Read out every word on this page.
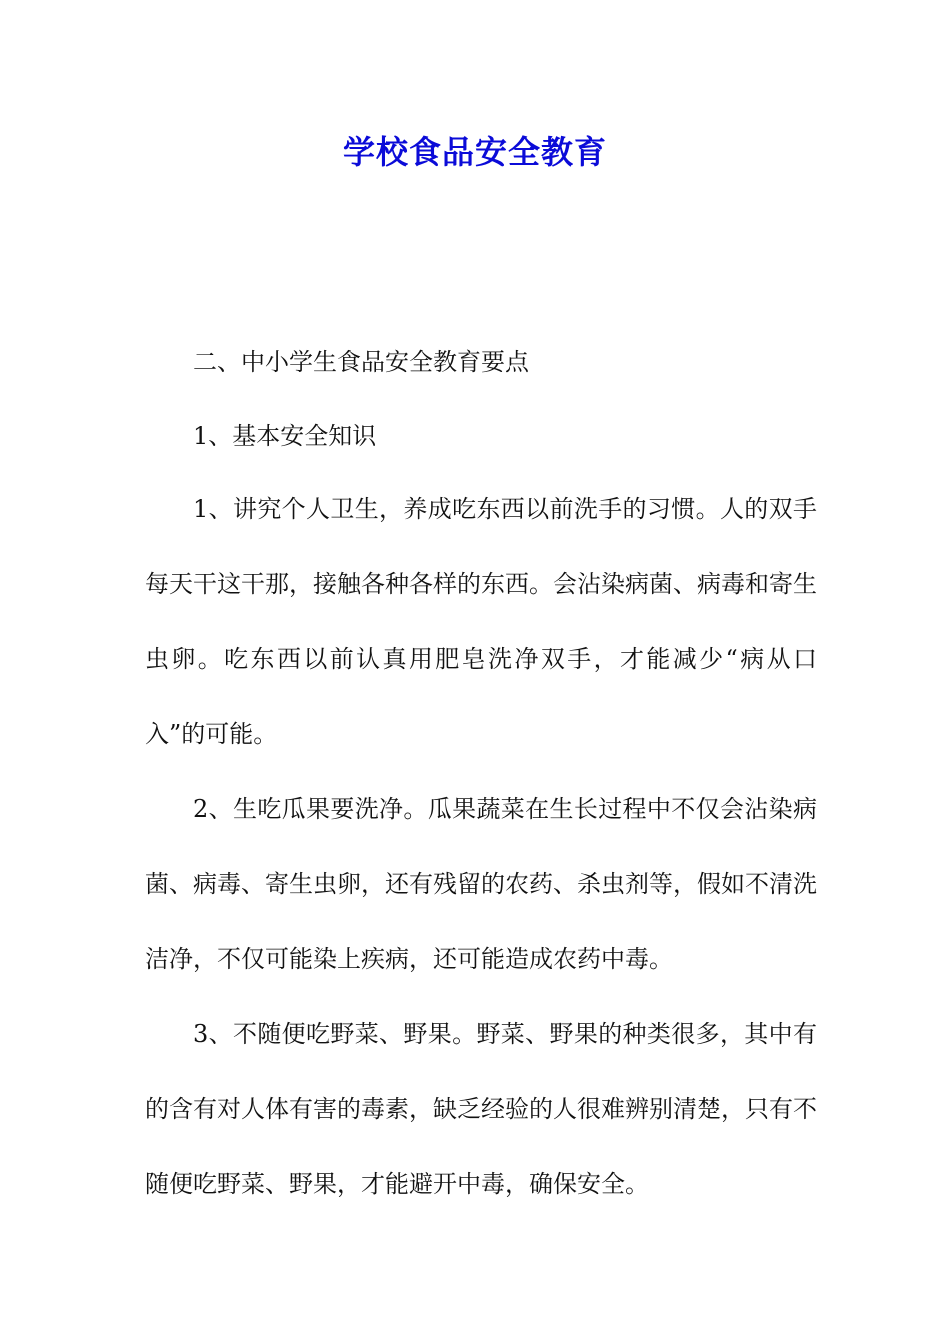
学校食品安全教育
二、中小学生食品安全教育要点
1、基本安全知识

1、讲究个人卫生，养成吃东西以前洗手的习惯。人的双手每天干这干那，接触各种各样的东西。会沾染病菌、病毒和寄生虫卵。吃东西以前认真用肥皂洗净双手，才能减少“病从口入”的可能。

2、生吃瓜果要洗净。瓜果蔬菜在生长过程中不仅会沾染病菌、病毒、寄生虫卵，还有残留的农药、杀虫剂等，假如不清洗洁净，不仅可能染上疾病，还可能造成农药中毒。

3、不随便吃野菜、野果。野菜、野果的种类很多，其中有的含有对人体有害的毒素，缺乏经验的人很难辨别清楚，只有不随便吃野菜、野果，才能避开中毒，确保安全。
